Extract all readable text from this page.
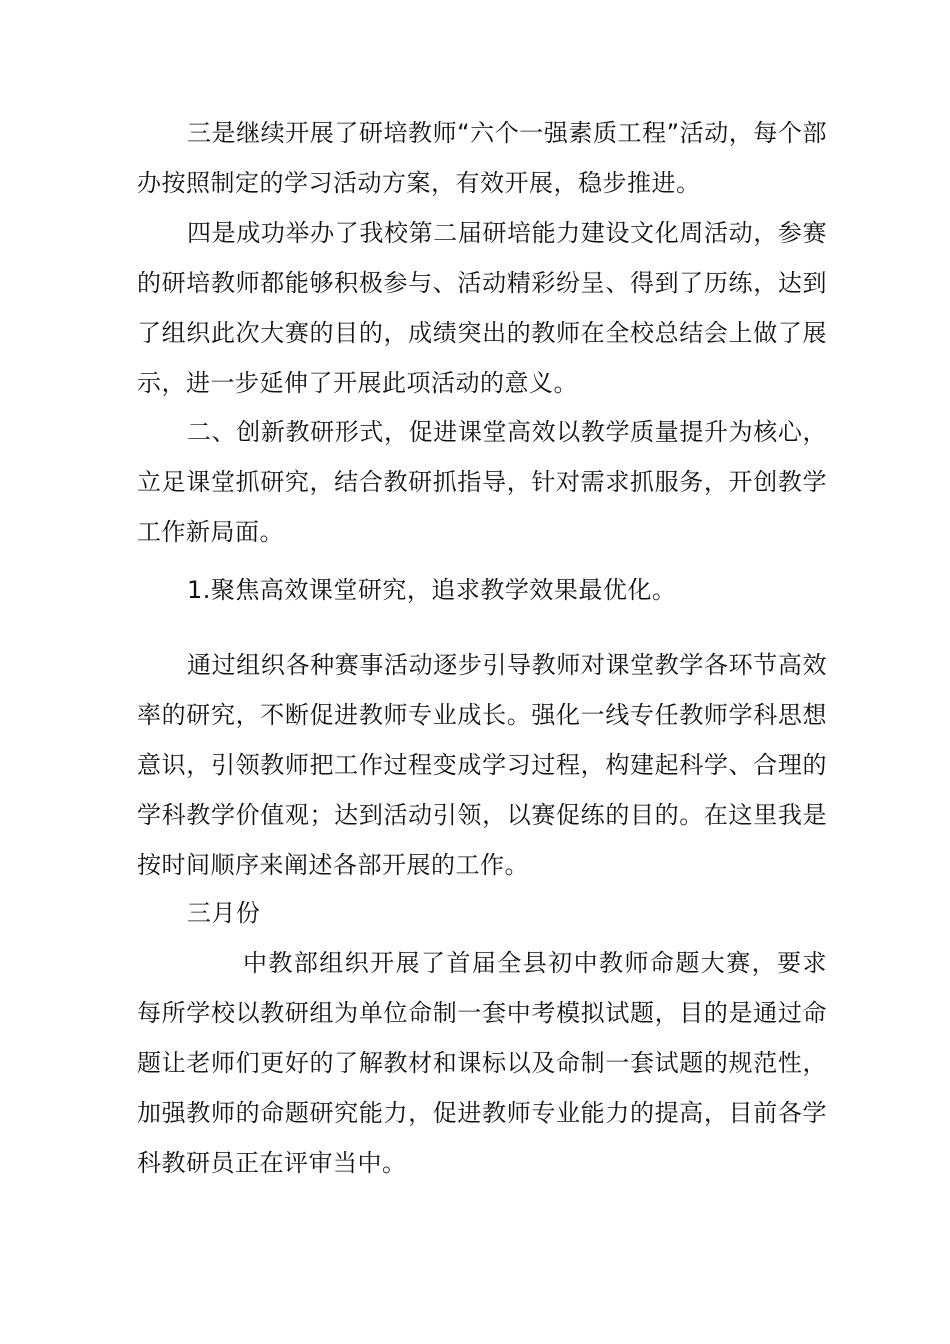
三是继续开展了研培教师“六个一强素质工程”活动，每个部办按照制定的学习活动方案，有效开展，稳步推进。

四是成功举办了我校第二届研培能力建设文化周活动，参赛的研培教师都能够积极参与、活动精彩纷呈、得到了历练，达到了组织此次大赛的目的，成绩突出的教师在全校总结会上做了展示，进一步延伸了开展此项活动的意义。

二、创新教研形式，促进课堂高效以教学质量提升为核心，立足课堂抓研究，结合教研抓指导，针对需求抓服务，开创教学工作新局面。

1.聚焦高效课堂研究，追求教学效果最优化。

通过组织各种赛事活动逐步引导教师对课堂教学各环节高效率的研究，不断促进教师专业成长。强化一线专任教师学科思想意识，引领教师把工作过程变成学习过程，构建起科学、合理的学科教学价值观；达到活动引领，以赛促练的目的。在这里我是按时间顺序来阐述各部开展的工作。

三月份

中教部组织开展了首届全县初中教师命题大赛，要求每所学校以教研组为单位命制一套中考模拟试题，目的是通过命题让老师们更好的了解教材和课标以及命制一套试题的规范性，加强教师的命题研究能力，促进教师专业能力的提高，目前各学科教研员正在评审当中。
